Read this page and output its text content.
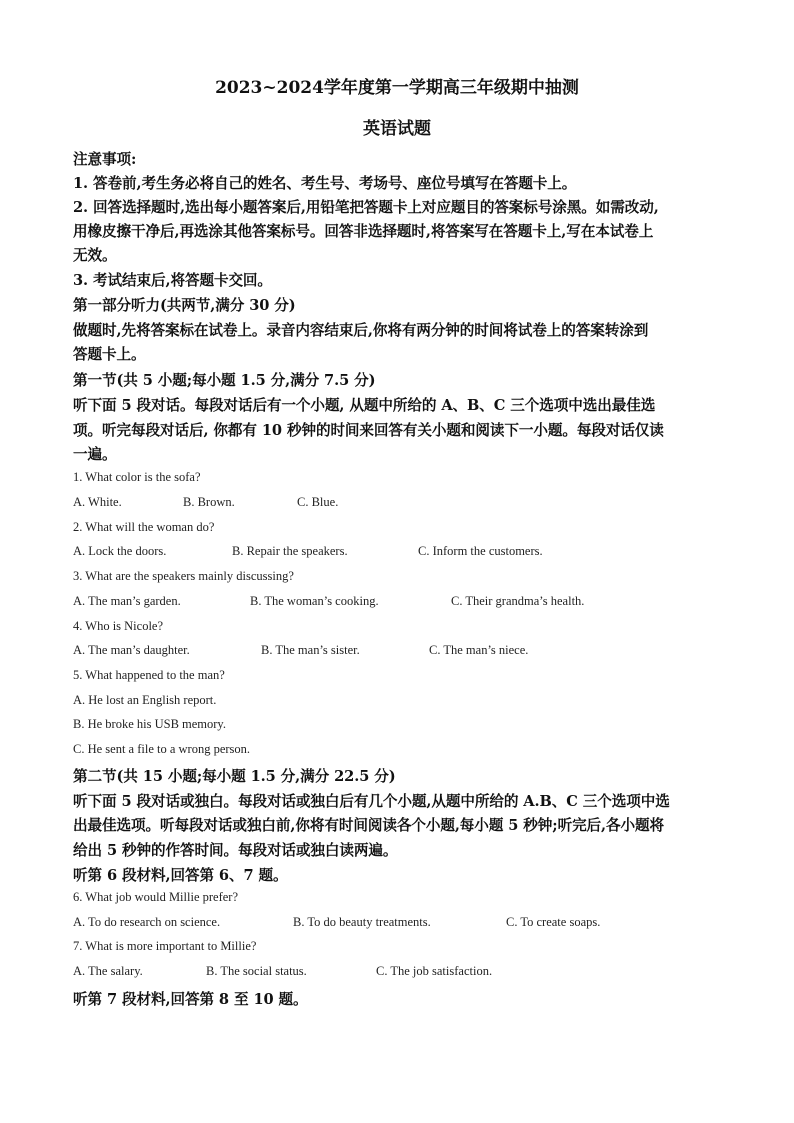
2023~2024学年度第一学期高三年级期中抽测
英语试题
注意事项:
1. 答卷前,考生务必将自己的姓名、考生号、考场号、座位号填写在答题卡上。
2. 回答选择题时,选出每小题答案后,用铅笔把答题卡上对应题目的答案标号涂黑。如需改动,
用橡皮擦干净后,再选涂其他答案标号。回答非选择题时,将答案写在答题卡上,写在本试卷上
无效。
3. 考试结束后,将答题卡交回。
第一部分听力(共两节,满分 30 分)
做题时,先将答案标在试卷上。录音内容结束后,你将有两分钟的时间将试卷上的答案转涂到
答题卡上。
第一节(共 5 小题;每小题 1.5 分,满分 7.5 分)
听下面 5 段对话。每段对话后有一个小题, 从题中所给的 A、B、C 三个选项中选出最佳选
项。听完每段对话后, 你都有 10 秒钟的时间来回答有关小题和阅读下一小题。每段对话仅读
一遍。
1. What color is the sofa?
A. White.	B. Brown.	C. Blue.
2. What will the woman do?
A. Lock the doors.	B. Repair the speakers.	C. Inform the customers.
3. What are the speakers mainly discussing?
A. The man’s garden.	B. The woman’s cooking.	C. Their grandma’s health.
4. Who is Nicole?
A. The man’s daughter.	B. The man’s sister.	C. The man’s niece.
5. What happened to the man?
A. He lost an English report.
B. He broke his USB memory.
C. He sent a file to a wrong person.
第二节(共 15 小题;每小题 1.5 分,满分 22.5 分)
听下面 5 段对话或独白。每段对话或独白后有几个小题,从题中所给的 A.B、C 三个选项中选
出最佳选项。听每段对话或独白前,你将有时间阅读各个小题,每小题 5 秒钟;听完后,各小题将
给出 5 秒钟的作答时间。每段对话或独白读两遍。
听第 6 段材料,回答第 6、7 题。
6. What job would Millie prefer?
A. To do research on science.	B. To do beauty treatments.	C. To create soaps.
7. What is more important to Millie?
A. The salary.	B. The social status.	C. The job satisfaction.
听第 7 段材料,回答第 8 至 10 题。
